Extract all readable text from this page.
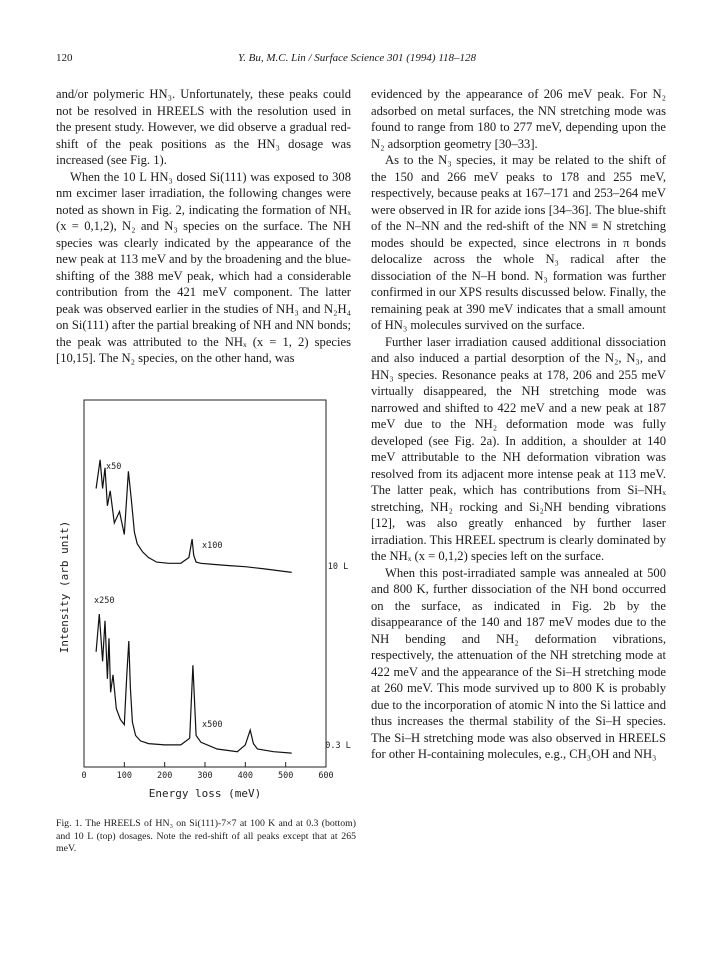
120	Y. Bu, M.C. Lin / Surface Science 301 (1994) 118–128

and/or polymeric HN₃. Unfortunately, these peaks could not be resolved in HREELS with the resolution used in the present study. However, we did observe a gradual red-shift of the peak positions as the HN₃ dosage was increased (see Fig. 1).

When the 10 L HN₃ dosed Si(111) was exposed to 308 nm excimer laser irradiation, the following changes were noted as shown in Fig. 2, indicating the formation of NHₓ (x = 0,1,2), N₂ and N₃ species on the surface. The NH species was clearly indicated by the appearance of the new peak at 113 meV and by the broadening and the blue-shifting of the 388 meV peak, which had a considerable contribution from the 421 meV component. The latter peak was observed earlier in the studies of NH₃ and N₂H₄ on Si(111) after the partial breaking of NH and NN bonds; the peak was attributed to the NHₓ (x = 1, 2) species [10,15]. The N₂ species, on the other hand, was

evidenced by the appearance of 206 meV peak. For N₂ adsorbed on metal surfaces, the NN stretching mode was found to range from 180 to 277 meV, depending upon the N₂ adsorption geometry [30–33].

As to the N₃ species, it may be related to the shift of the 150 and 266 meV peaks to 178 and 255 meV, respectively, because peaks at 167–171 and 253–264 meV were observed in IR for azide ions [34–36]. The blue-shift of the N–NN and the red-shift of the NN ≡ N stretching modes should be expected, since electrons in π bonds delocalize across the whole N₃ radical after the dissociation of the N–H bond. N₃ formation was further confirmed in our XPS results discussed below. Finally, the remaining peak at 390 meV indicates that a small amount of HN₃ molecules survived on the surface.

Further laser irradiation caused additional dissociation and also induced a partial desorption of the N₂, N₃, and HN₃ species. Resonance peaks at 178, 206 and 255 meV virtually disappeared, the NH stretching mode was narrowed and shifted to 422 meV and a new peak at 187 meV due to the NH₂ deformation mode was fully developed (see Fig. 2a). In addition, a shoulder at 140 meV attributable to the NH deformation vibration was resolved from its adjacent more intense peak at 113 meV. The latter peak, which has contributions from Si–NHₓ stretching, NH₂ rocking and Si₂NH bending vibrations [12], was also greatly enhanced by further laser irradiation. This HREEL spectrum is clearly dominated by the NHₓ (x = 0,1,2) species left on the surface.

When this post-irradiated sample was annealed at 500 and 800 K, further dissociation of the NH bond occurred on the surface, as indicated in Fig. 2b by the disappearance of the 140 and 187 meV modes due to the NH bending and NH₂ deformation vibrations, respectively, the attenuation of the NH stretching mode at 422 meV and the appearance of the Si–H stretching mode at 260 meV. This mode survived up to 800 K is probably due to the incorporation of atomic N into the Si lattice and thus increases the thermal stability of the Si–H species. The Si–H stretching mode was also observed in HREELS for other H-containing molecules, e.g., CH₃OH and NH₃

0	100	200	300	400	500	600
x50
x100
10 L
x250
x500
0.3 L
Intensity (arb unit)
Energy loss (meV)
Fig. 1. The HREELS of HN₃ on Si(111)-7×7 at 100 K and at 0.3 (bottom) and 10 L (top) dosages. Note the red-shift of all peaks except that at 265 meV.
